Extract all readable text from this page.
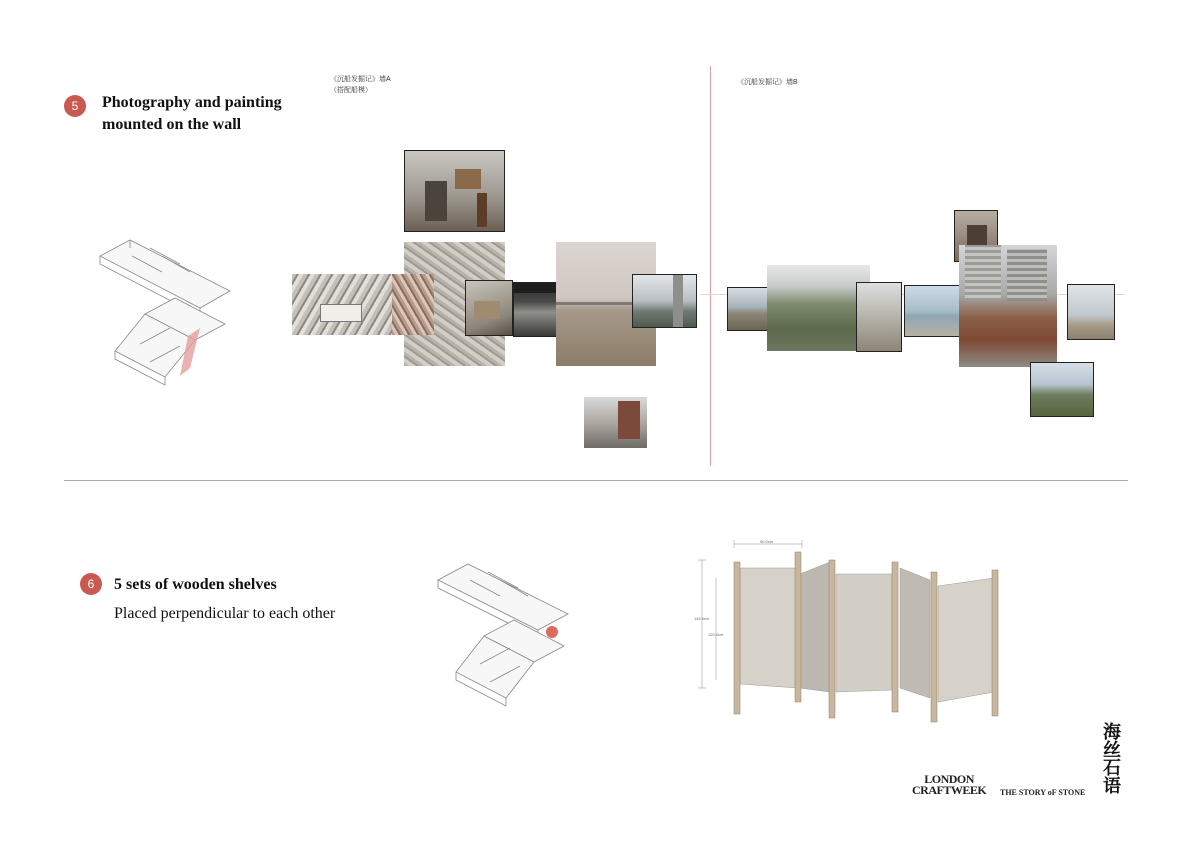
5 Photography and painting
mounted on the wall
《沉船发掘记》墙A
（搭配船模）
《沉船发掘记》墙B
6 5 sets of wooden shelves
Placed perpendicular to each other
90.0cm
145.0cm
120.0cm
LONDON
CRAFTWEEK THE STORY oF STONE 海丝石语
